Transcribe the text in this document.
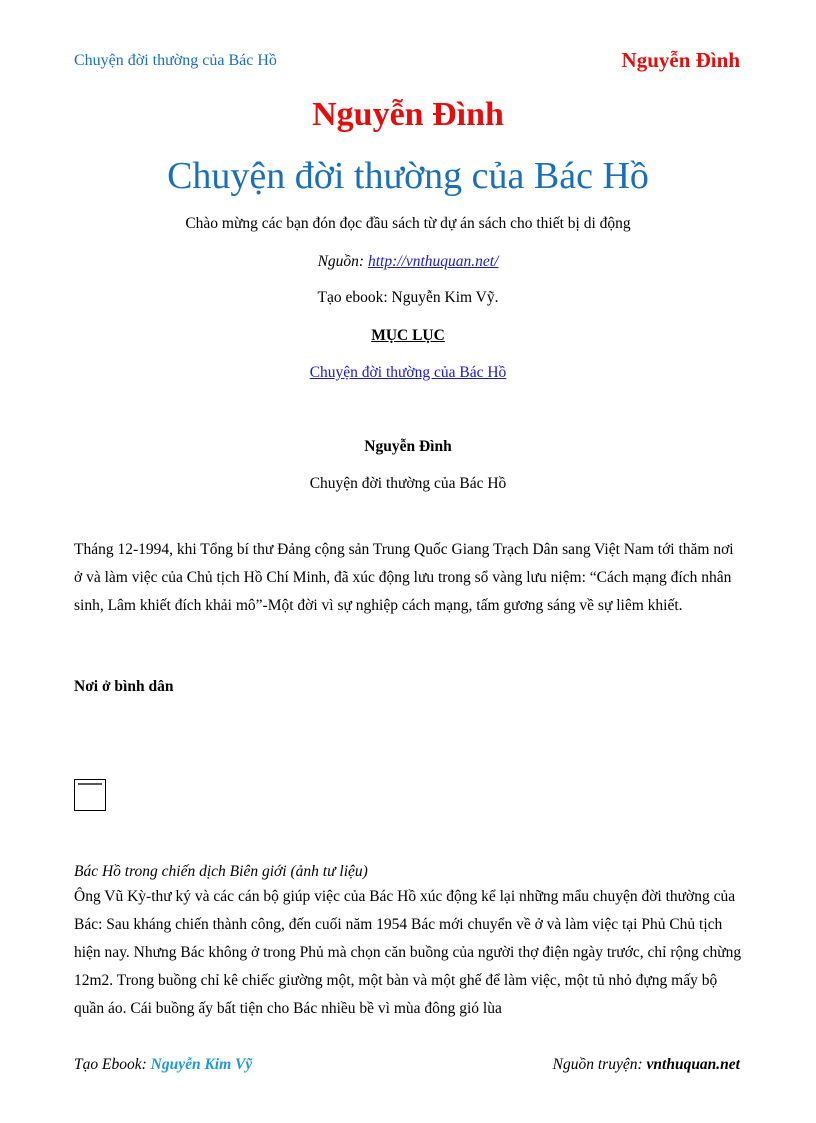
Chuyện đời thường của Bác Hồ	Nguyễn Đình
Nguyễn Đình
Chuyện đời thường của Bác Hồ
Chào mừng các bạn đón đọc đầu sách từ dự án sách cho thiết bị di động
Nguồn: http://vnthuquan.net/
Tạo ebook: Nguyễn Kim Vỹ.
MỤC LỤC
Chuyện đời thường của Bác Hồ
Nguyễn Đình
Chuyện đời thường của Bác Hồ
Tháng 12-1994, khi Tổng bí thư Đảng cộng sản Trung Quốc Giang Trạch Dân sang Việt Nam tới thăm nơi ở và làm việc của Chủ tịch Hồ Chí Minh, đã xúc động lưu trong sổ vàng lưu niệm: “Cách mạng đích nhân sinh, Lâm khiết đích khải mô”-Một đời vì sự nghiệp cách mạng, tấm gương sáng về sự liêm khiết.
Nơi ở bình dân
Bác Hồ trong chiến dịch Biên giới (ảnh tư liệu)
Ông Vũ Kỳ-thư ký và các cán bộ giúp việc của Bác Hồ xúc động kể lại những mẩu chuyện đời thường của Bác: Sau kháng chiến thành công, đến cuối năm 1954 Bác mới chuyển về ở và làm việc tại Phủ Chủ tịch hiện nay. Nhưng Bác không ở trong Phủ mà chọn căn buồng của người thợ điện ngày trước, chỉ rộng chừng 12m2. Trong buồng chỉ kê chiếc giường một, một bàn và một ghế để làm việc, một tủ nhỏ đựng mấy bộ quần áo. Cái buồng ấy bất tiện cho Bác nhiều bề vì mùa đông gió lùa
Tạo Ebook: Nguyễn Kim Vỹ	Nguồn truyện: vnthuquan.net
